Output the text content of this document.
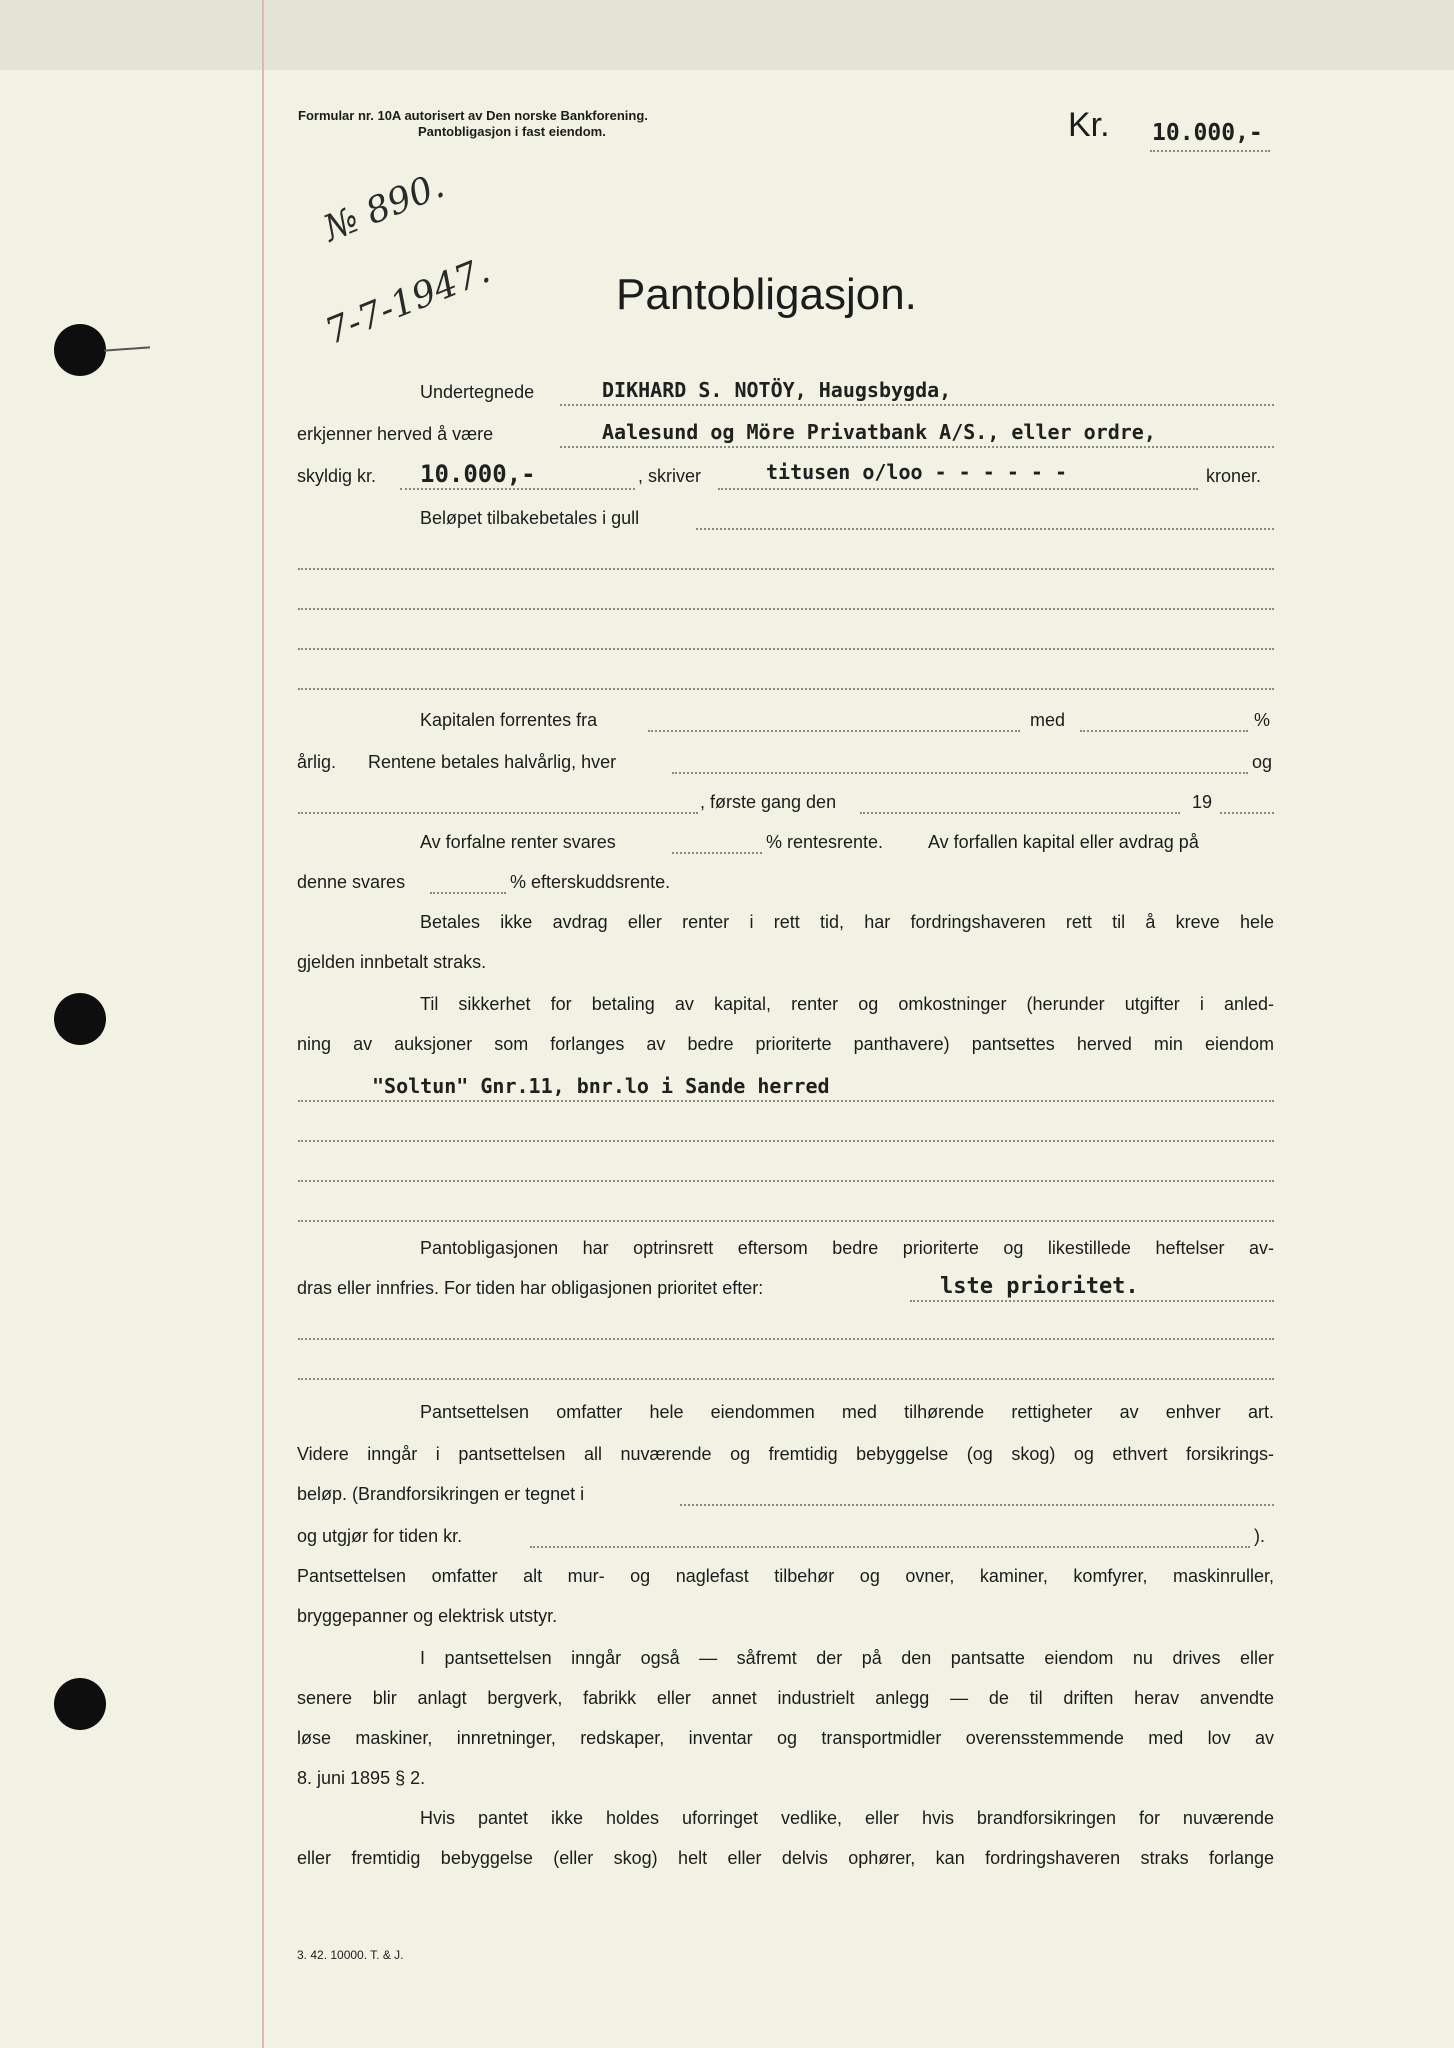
Formular nr. 10A autorisert av Den norske Bankforening.
Pantobligasjon i fast eiendom.	Kr. 10.000,-
№ 890.
7-7-1947.	Pantobligasjon.
Undertegnede	DIKHARD S. NOTÖY, Haugsbygda,
erkjenner herved å være	Aalesund og Möre Privatbank A/S., eller ordre,
skyldig kr. 10.000,-	, skriver	titusen o/loo - - - - - -	kroner.
Beløpet tilbakebetales i gull
Kapitalen forrentes fra	med	%
årlig. Rentene betales halvårlig, hver	og
, første gang den	19
Av forfalne renter svares	% rentesrente. Av forfallen kapital eller avdrag på
denne svares	% efterskuddsrente.
Betales ikke avdrag eller renter i rett tid, har fordringshaveren rett til å kreve hele
gjelden innbetalt straks.
Til sikkerhet for betaling av kapital, renter og omkostninger (herunder utgifter i anled-
ning av auksjoner som forlanges av bedre prioriterte panthavere) pantsettes herved min eiendom
"Soltun" Gnr.11, bnr.lo i Sande herred
Pantobligasjonen har optrinsrett eftersom bedre prioriterte og likestillede heftelser av-
dras eller innfries. For tiden har obligasjonen prioritet efter:	lste prioritet.
Pantsettelsen omfatter hele eiendommen med tilhørende rettigheter av enhver art.
Videre inngår i pantsettelsen all nuværende og fremtidig bebyggelse (og skog) og ethvert forsikrings-
beløp. (Brandforsikringen er tegnet i
og utgjør for tiden kr.	).
Pantsettelsen omfatter alt mur- og naglefast tilbehør og ovner, kaminer, komfyrer, maskinruller,
bryggepanner og elektrisk utstyr.
I pantsettelsen inngår også — såfremt der på den pantsatte eiendom nu drives eller
senere blir anlagt bergverk, fabrikk eller annet industrielt anlegg — de til driften herav anvendte
løse maskiner, innretninger, redskaper, inventar og transportmidler overensstemmende med lov av
8. juni 1895 § 2.
Hvis pantet ikke holdes uforringet vedlike, eller hvis brandforsikringen for nuværende
eller fremtidig bebyggelse (eller skog) helt eller delvis ophører, kan fordringshaveren straks forlange
3. 42. 10000. T. & J.
